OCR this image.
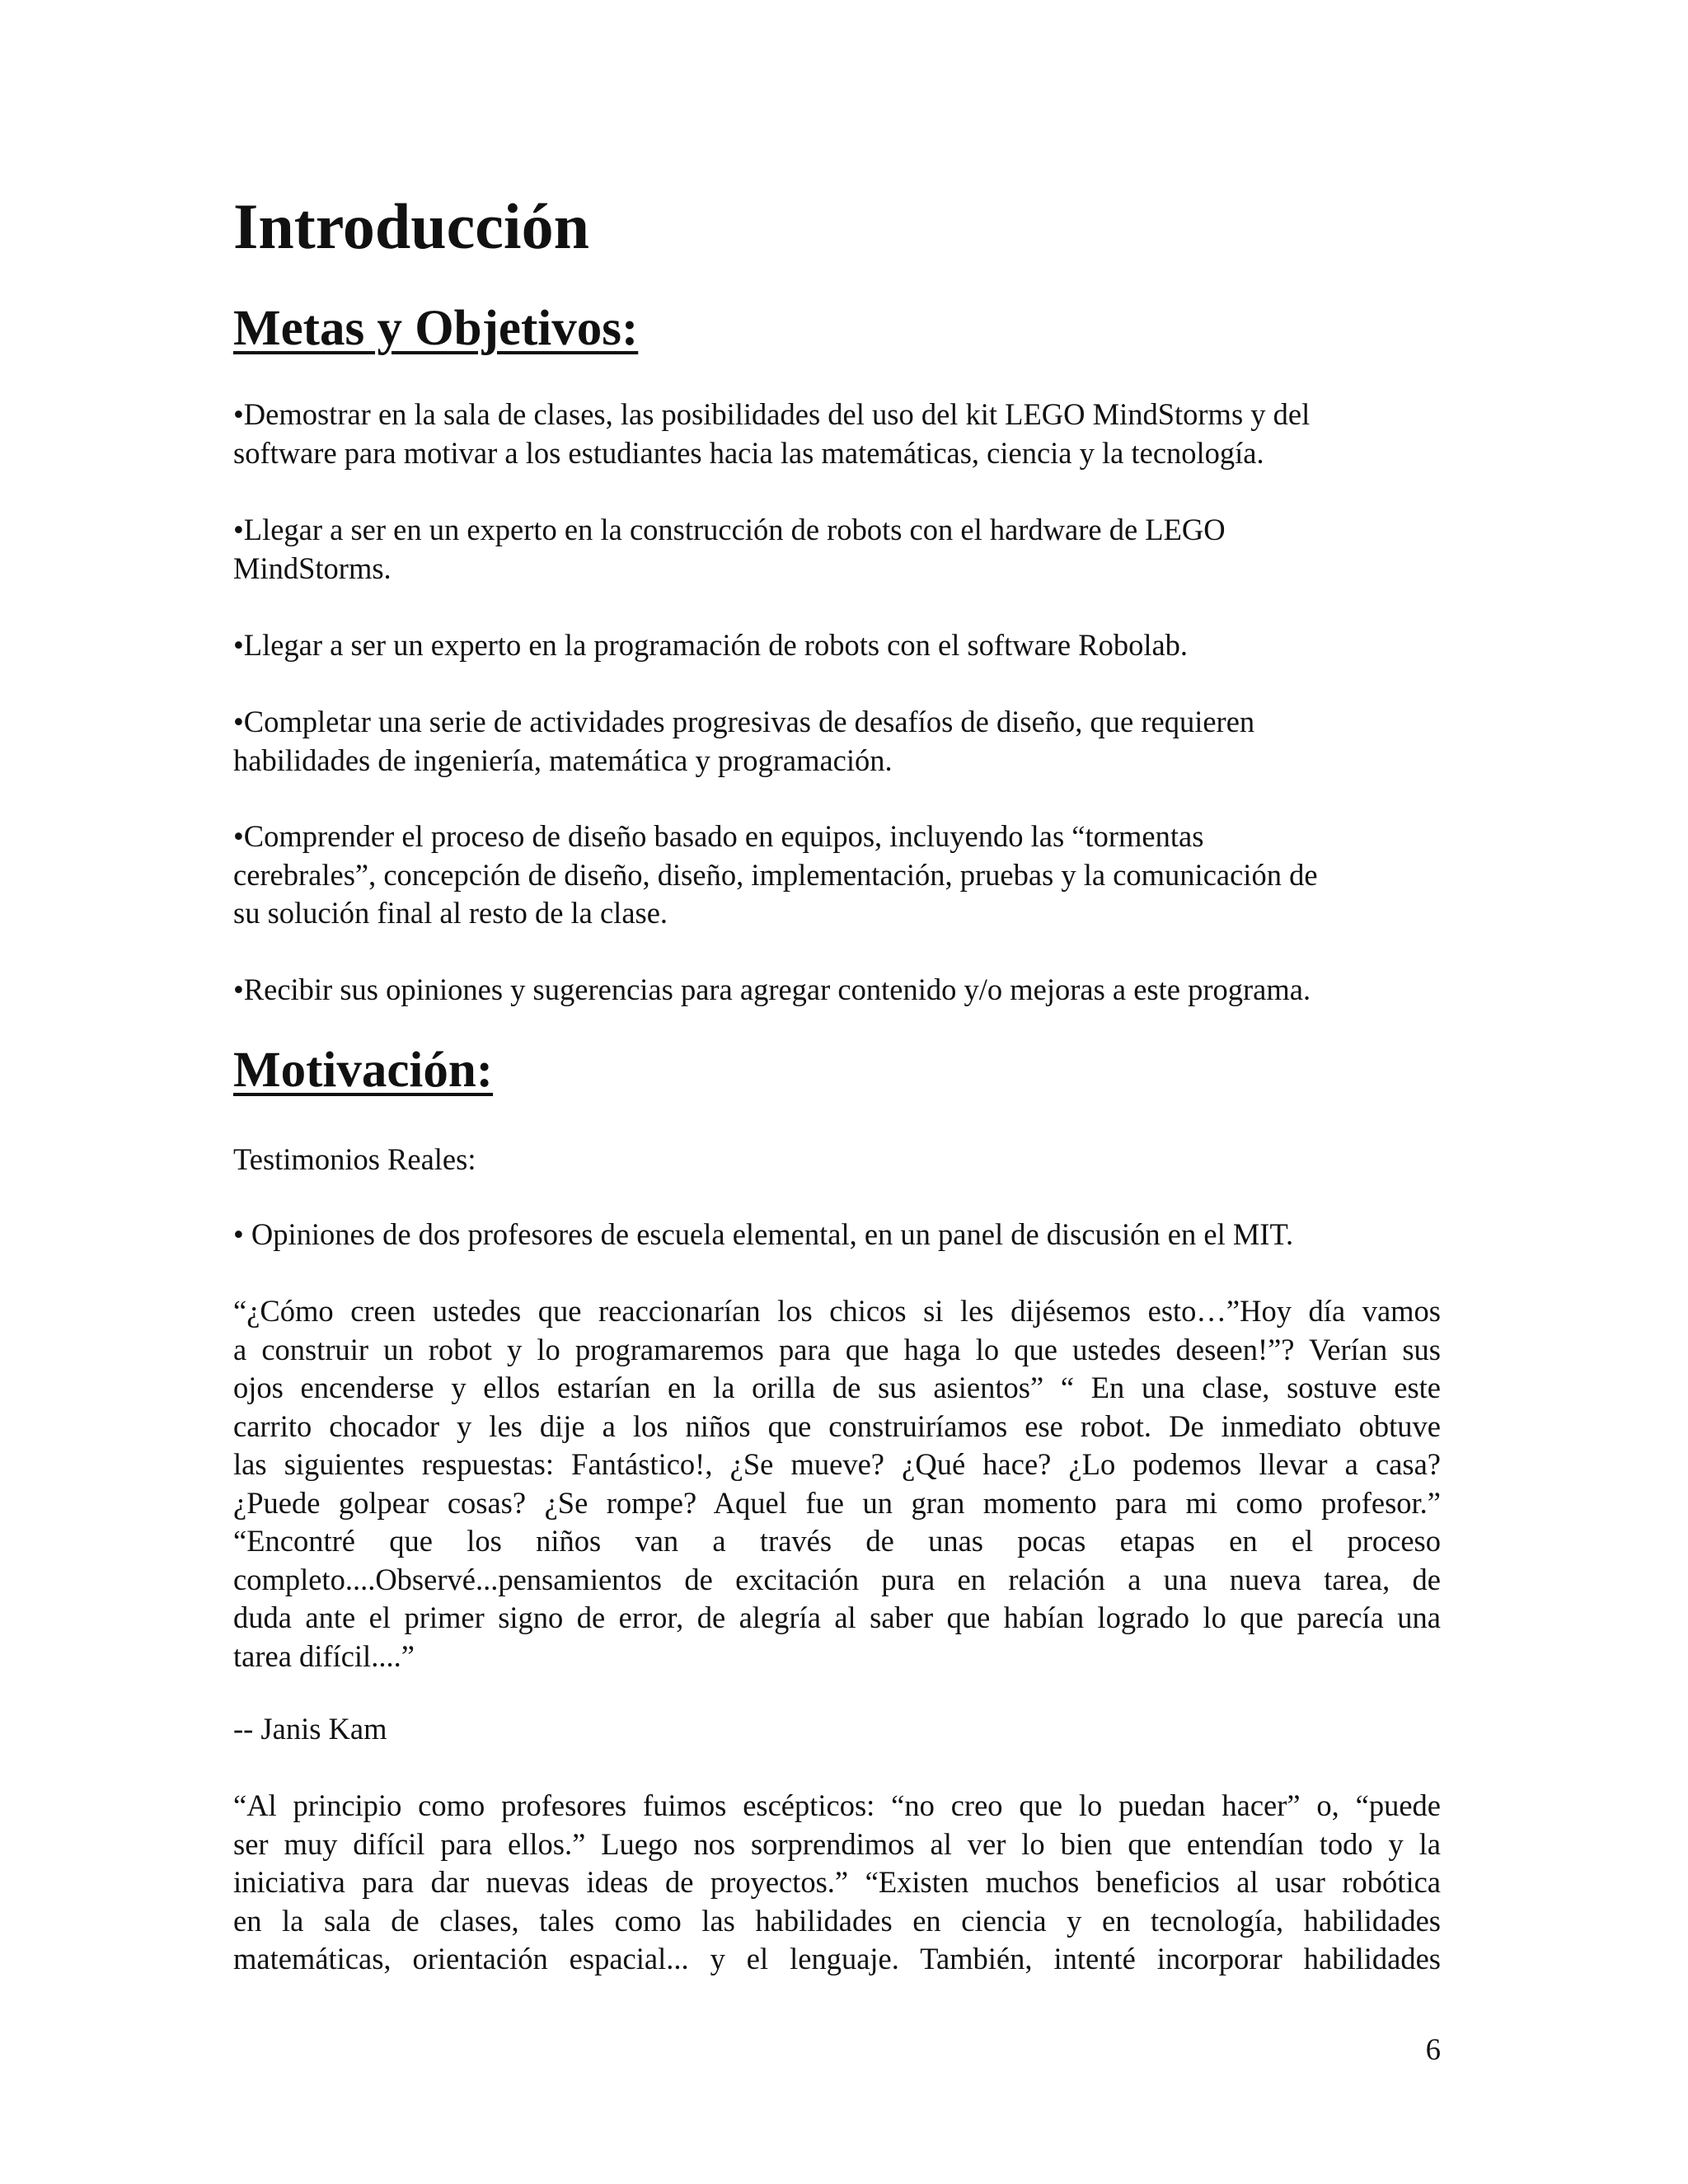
Introducción
Metas y Objetivos:

•Demostrar en la sala de clases, las posibilidades del uso del kit LEGO MindStorms y del
software para motivar a los estudiantes hacia las matemáticas, ciencia y la tecnología.

•Llegar a ser en un experto en la construcción de robots con el hardware de LEGO
MindStorms.

•Llegar a ser un experto en la programación de robots con el software Robolab.

•Completar una serie de actividades progresivas de desafíos de diseño, que requieren
habilidades de ingeniería, matemática y programación.

•Comprender el proceso de diseño basado en equipos, incluyendo las “tormentas
cerebrales”, concepción de diseño, diseño, implementación, pruebas y la comunicación de
su solución final al resto de la clase.

•Recibir sus opiniones y sugerencias para agregar contenido y/o mejoras a este programa.

Motivación:

Testimonios Reales:

• Opiniones de dos profesores de escuela elemental, en un panel de discusión en el MIT.

“¿Cómo creen ustedes que reaccionarían los chicos si les dijésemos esto…”Hoy día vamos
a construir un robot y lo programaremos para que haga lo que ustedes deseen!”? Verían sus
ojos encenderse y ellos estarían en la orilla de sus asientos” “ En una clase, sostuve este
carrito chocador y les dije a los niños que construiríamos ese robot. De inmediato obtuve
las siguientes respuestas: Fantástico!, ¿Se mueve? ¿Qué hace? ¿Lo podemos llevar a casa?
¿Puede golpear cosas? ¿Se rompe? Aquel fue un gran momento para mi como profesor.”
“Encontré que los niños van a través de unas pocas etapas en el proceso
completo....Observé...pensamientos de excitación pura en relación a una nueva tarea, de
duda ante el primer signo de error, de alegría al saber que habían logrado lo que parecía una
tarea difícil....”

-- Janis Kam

“Al principio como profesores fuimos escépticos: “no creo que lo puedan hacer” o, “puede
ser muy difícil para ellos.” Luego nos sorprendimos al ver lo bien que entendían todo y la
iniciativa para dar nuevas ideas de proyectos.” “Existen muchos beneficios al usar robótica
en la sala de clases, tales como las habilidades en ciencia y en tecnología, habilidades
matemáticas, orientación espacial... y el lenguaje. También, intenté incorporar habilidades

6
